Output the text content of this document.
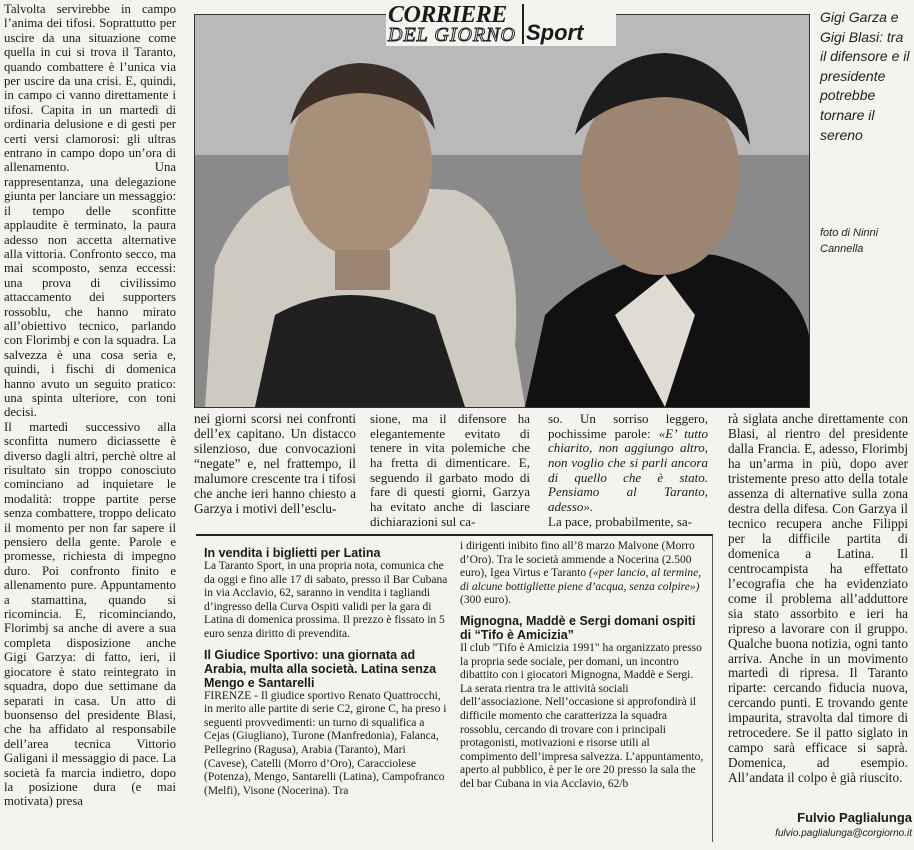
Talvolta servirebbe in campo l’anima dei tifosi. Soprattutto per uscire da una situazione come quella in cui si trova il Taranto, quando combattere è l’unica via per uscire da una crisi. E, quindi, in campo ci vanno direttamente i tifosi. Capita in un martedì di ordinaria delusione e di gesti per certi versi clamorosi: gli ultras entrano in campo dopo un’ora di allenamento. Una rappresentanza, una delegazione giunta per lanciare un messaggio: il tempo delle sconfitte applaudite è terminato, la paura adesso non accetta alternative alla vittoria. Confronto secco, ma mai scomposto, senza eccessi: una prova di civilissimo attaccamento dei supporters rossoblu, che hanno mirato all’obiettivo tecnico, parlando con Florimbj e con la squadra. La salvezza è una cosa seria e, quindi, i fischi di domenica hanno avuto un seguito pratico: una spinta ulteriore, con toni decisi.

Il martedì successivo alla sconfitta numero diciassette è diverso dagli altri, perchè oltre al risultato sin troppo conosciuto cominciano ad inquietare le modalità: troppe partite perse senza combattere, troppo delicato il momento per non far sapere il pensiero della gente. Parole e promesse, richiesta di impegno duro. Poi confronto finito e allenamento pure. Appuntamento a stamattina, quando si ricomincia. E, ricominciando, Florimbj sa anche di avere a sua completa disposizione anche Gigi Garzya: di fatto, ieri, il giocatore è stato reintegrato in squadra, dopo due settimane da separati in casa. Un atto di buonsenso del presidente Blasi, che ha affidato al responsabile dell’area tecnica Vittorio Galigani il messaggio di pace. La società fa marcia indietro, dopo la posizione dura (e mai motivata) presa

CORRIERE
DEL GIORNO Sport
Gigi Garza e Gigi Blasi: tra il difensore e il presidente potrebbe tornare il sereno
foto di Ninni Cannella

nei giorni scorsi nei confronti dell’ex capitano. Un distacco silenzioso, due convocazioni “negate” e, nel frattempo, il malumore crescente tra i tifosi che anche ieri hanno chiesto a Garzya i motivi dell’esclu-

sione, ma il difensore ha elegantemente evitato di tenere in vita polemiche che ha fretta di dimenticare. E, seguendo il garbato modo di fare di questi giorni, Garzya ha evitato anche di lasciare dichiarazioni sul ca-

so. Un sorriso leggero, pochissime parole: «E’ tutto chiarito, non aggiungo altro, non voglio che si parli ancora di quello che è stato. Pensiamo al Taranto, adesso».

La pace, probabilmente, sa-

rà siglata anche direttamente con Blasi, al rientro del presidente dalla Francia. E, adesso, Florimbj ha un’arma in più, dopo aver tristemente preso atto della totale assenza di alternative sulla zona destra della difesa. Con Garzya il tecnico recupera anche Filippi per la difficile partita di domenica a Latina. Il centrocampista ha effettato l’ecografia che ha evidenziato come il problema all’adduttore sia stato assorbito e ieri ha ripreso a lavorare con il gruppo. Qualche buona notizia, ogni tanto arriva. Anche in un movimento martedì di ripresa. Il Taranto riparte: cercando fiducia nuova, cercando punti. E trovando gente impaurita, stravolta dal timore di retrocedere. Se il patto siglato in campo sarà efficace si saprà. Domenica, ad esempio. All’andata il colpo è già riuscito.

In vendita i biglietti per Latina

La Taranto Sport, in una propria nota, comunica che da oggi e fino alle 17 di sabato, presso il Bar Cubana in via Acclavio, 62, saranno in vendita i tagliandi d’ingresso della Curva Ospiti validi per la gara di Latina di domenica prossima. Il prezzo è fissato in 5 euro senza diritto di prevendita.

Il Giudice Sportivo: una giornata ad Arabia, multa alla società. Latina senza Mengo e Santarelli

FIRENZE - Il giudice sportivo Renato Quattrocchi, in merito alle partite di serie C2, girone C, ha preso i seguenti provvedimenti: un turno di squalifica a Cejas (Giugliano), Turone (Manfredonia), Falanca, Pellegrino (Ragusa), Arabia (Taranto), Mari (Cavese), Catelli (Morro d’Oro), Caracciolese (Potenza), Mengo, Santarelli (Latina), Campofranco (Melfi), Visone (Nocerina). Tra

i dirigenti inibito fino all’8 marzo Malvone (Morro d’Oro). Tra le società ammende a Nocerina (2.500 euro), Igea Virtus e Taranto («per lancio, al termine, di alcune bottigliette piene d’acqua, senza colpire») (300 euro).

Mignogna, Maddè e Sergi domani ospiti di “Tifo è Amicizia”

Il club "Tifo è Amicizia 1991" ha organizzato presso la propria sede sociale, per domani, un incontro dibattito con i giocatori Mignogna, Maddè e Sergi. La serata rientra tra le attività sociali dell’associazione. Nell’occasione si approfondirà il difficile momento che caratterizza la squadra rossoblu, cercando di trovare con i principali protagonisti, motivazioni e risorse utili al compimento dell’impresa salvezza. L’appuntamento, aperto al pubblico, è per le ore 20 presso la sala the del bar Cubana in via Acclavio, 62/b

Fulvio Paglialunga
fulvio.paglialunga@corgiorno.it
